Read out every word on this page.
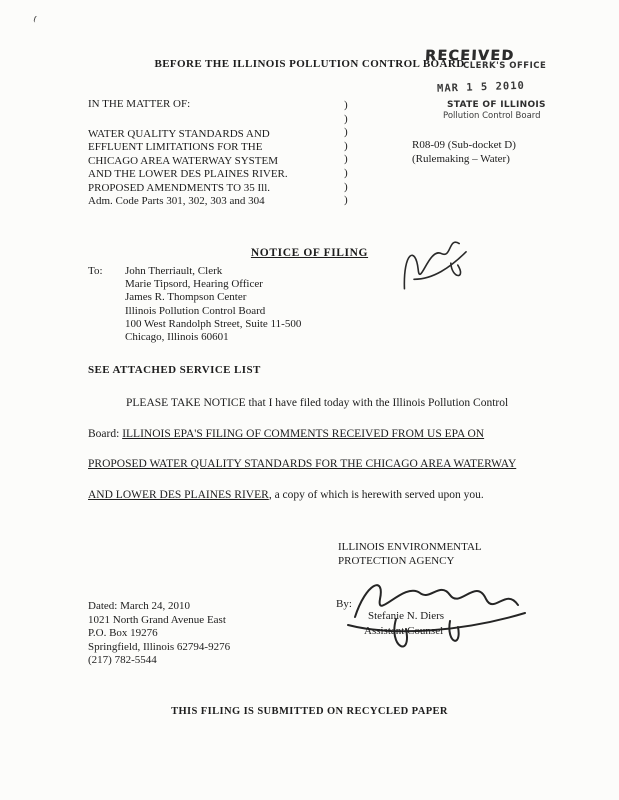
RECEIVED
CLERK'S OFFICE
MAR 1 5 2010
STATE OF ILLINOIS
Pollution Control Board
BEFORE THE ILLINOIS POLLUTION CONTROL BOARD
IN THE MATTER OF:
WATER QUALITY STANDARDS AND
EFFLUENT LIMITATIONS FOR THE
CHICAGO AREA WATERWAY SYSTEM
AND THE LOWER DES PLAINES RIVER.
PROPOSED AMENDMENTS TO 35 Ill.
Adm. Code Parts 301, 302, 303 and 304
)
)
)
)
)
)
)
)
R08-09 (Sub-docket D)
(Rulemaking – Water)
NOTICE OF FILING
To: John Therriault, Clerk
Marie Tipsord, Hearing Officer
James R. Thompson Center
Illinois Pollution Control Board
100 West Randolph Street, Suite 11-500
Chicago, Illinois 60601
SEE ATTACHED SERVICE LIST
PLEASE TAKE NOTICE that I have filed today with the Illinois Pollution Control Board: ILLINOIS EPA'S FILING OF COMMENTS RECEIVED FROM US EPA ON PROPOSED WATER QUALITY STANDARDS FOR THE CHICAGO AREA WATERWAY AND LOWER DES PLAINES RIVER, a copy of which is herewith served upon you.
ILLINOIS ENVIRONMENTAL
PROTECTION AGENCY
By:
Stefanie N. Diers
Assistant Counsel
Dated: March 24, 2010
1021 North Grand Avenue East
P.O. Box 19276
Springfield, Illinois 62794-9276
(217) 782-5544
THIS FILING IS SUBMITTED ON RECYCLED PAPER
